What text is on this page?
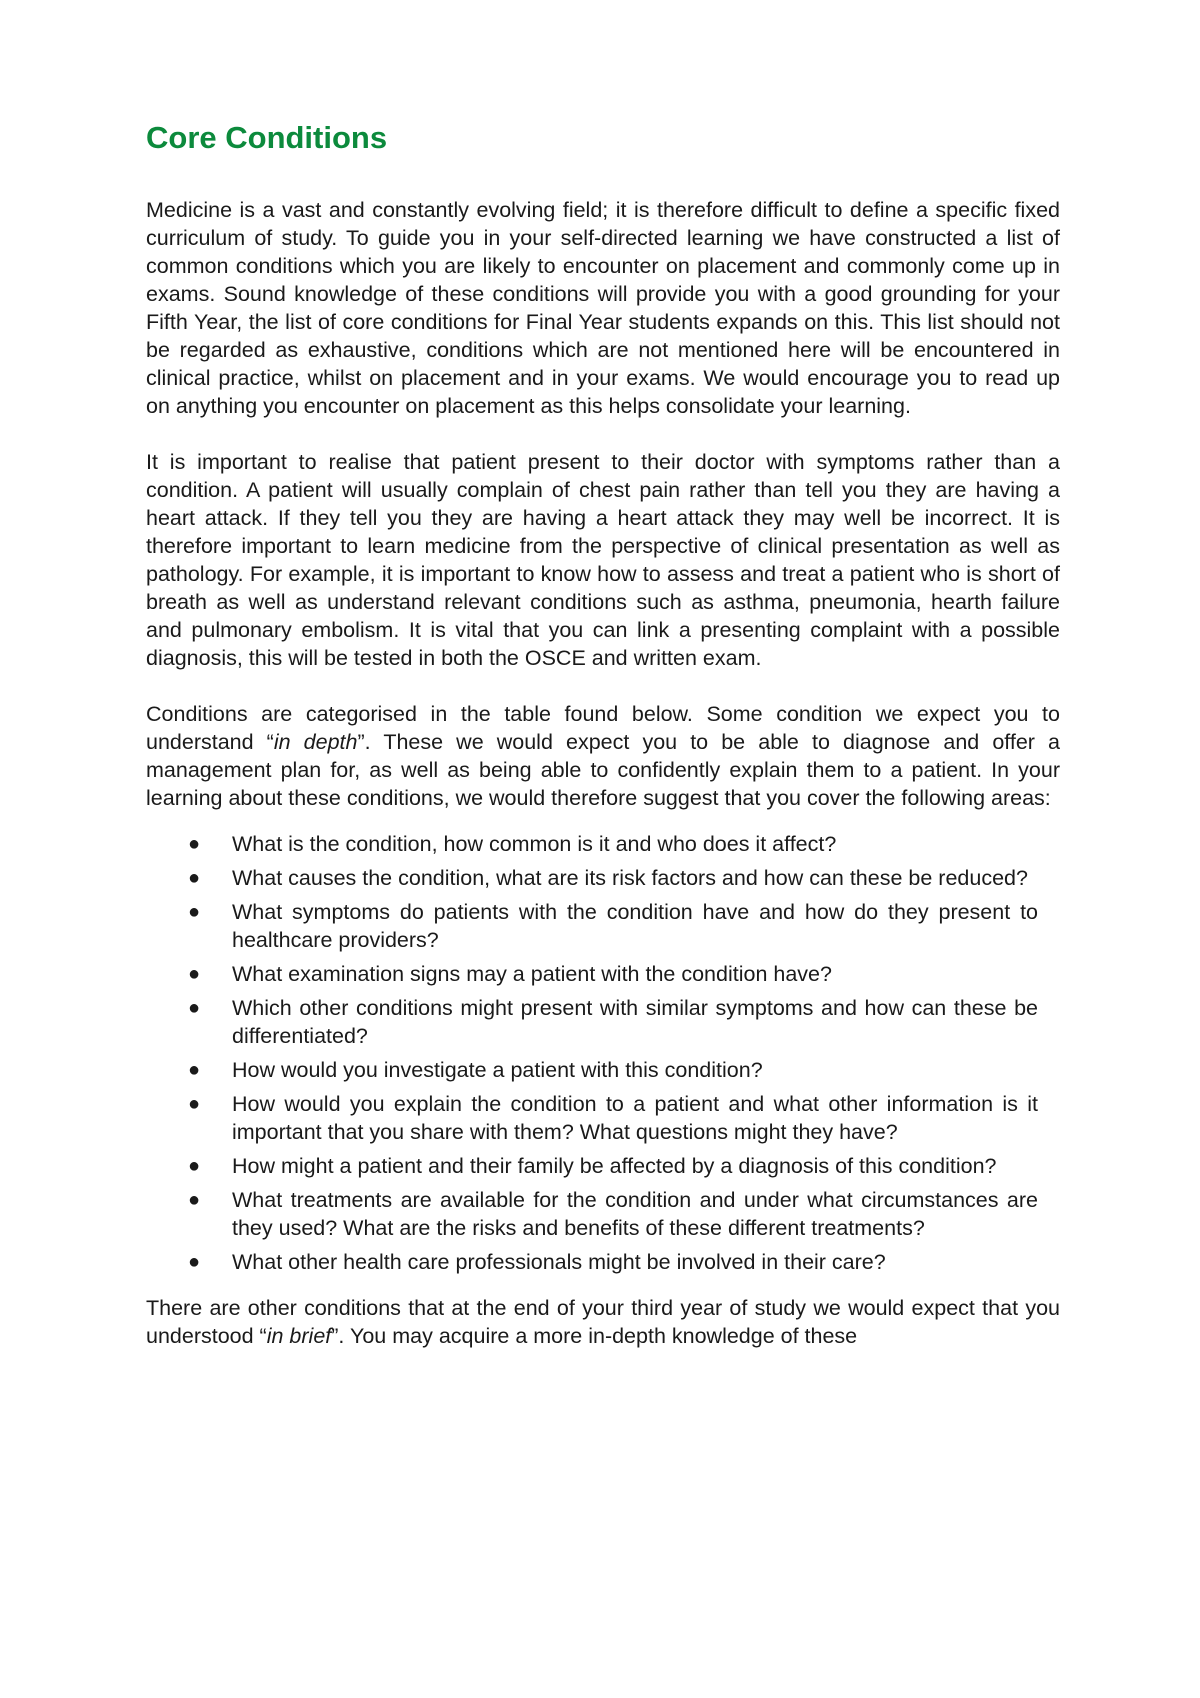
Core Conditions

Medicine is a vast and constantly evolving field; it is therefore difficult to define a specific fixed curriculum of study. To guide you in your self-directed learning we have constructed a list of common conditions which you are likely to encounter on placement and commonly come up in exams. Sound knowledge of these conditions will provide you with a good grounding for your Fifth Year, the list of core conditions for Final Year students expands on this. This list should not be regarded as exhaustive, conditions which are not mentioned here will be encountered in clinical practice, whilst on placement and in your exams. We would encourage you to read up on anything you encounter on placement as this helps consolidate your learning.

It is important to realise that patient present to their doctor with symptoms rather than a condition. A patient will usually complain of chest pain rather than tell you they are having a heart attack. If they tell you they are having a heart attack they may well be incorrect. It is therefore important to learn medicine from the perspective of clinical presentation as well as pathology. For example, it is important to know how to assess and treat a patient who is short of breath as well as understand relevant conditions such as asthma, pneumonia, hearth failure and pulmonary embolism. It is vital that you can link a presenting complaint with a possible diagnosis, this will be tested in both the OSCE and written exam.

Conditions are categorised in the table found below. Some condition we expect you to understand “in depth”. These we would expect you to be able to diagnose and offer a management plan for, as well as being able to confidently explain them to a patient. In your learning about these conditions, we would therefore suggest that you cover the following areas:

● What is the condition, how common is it and who does it affect?
● What causes the condition, what are its risk factors and how can these be reduced?
● What symptoms do patients with the condition have and how do they present to healthcare providers?
● What examination signs may a patient with the condition have?
● Which other conditions might present with similar symptoms and how can these be differentiated?
● How would you investigate a patient with this condition?
● How would you explain the condition to a patient and what other information is it important that you share with them? What questions might they have?
● How might a patient and their family be affected by a diagnosis of this condition?
● What treatments are available for the condition and under what circumstances are they used? What are the risks and benefits of these different treatments?
● What other health care professionals might be involved in their care?

There are other conditions that at the end of your third year of study we would expect that you understood “in brief”. You may acquire a more in-depth knowledge of these
